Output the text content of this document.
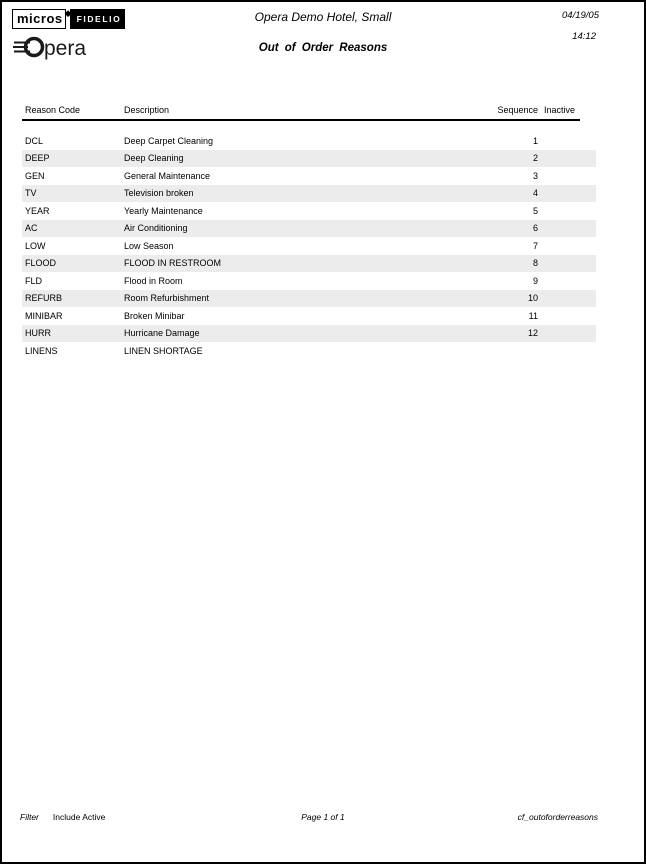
micros ◆
FIDELIO
pera
Opera Demo Hotel, Small
Out of Order Reasons
04/19/05
14:12
Reason Code	Description	Sequence Inactive
DCL	Deep Carpet Cleaning	1
DEEP	Deep Cleaning	2
GEN	General Maintenance	3
TV	Television broken	4
YEAR	Yearly Maintenance	5
AC	Air Conditioning	6
LOW	Low Season	7
FLOOD	FLOOD IN RESTROOM	8
FLD	Flood in Room	9
REFURB	Room Refurbishment	10
MINIBAR	Broken Minibar	11
HURR	Hurricane Damage	12
LINENS	LINEN SHORTAGE
Filter Include Active	Page 1 of 1	cf_outoforderreasons
